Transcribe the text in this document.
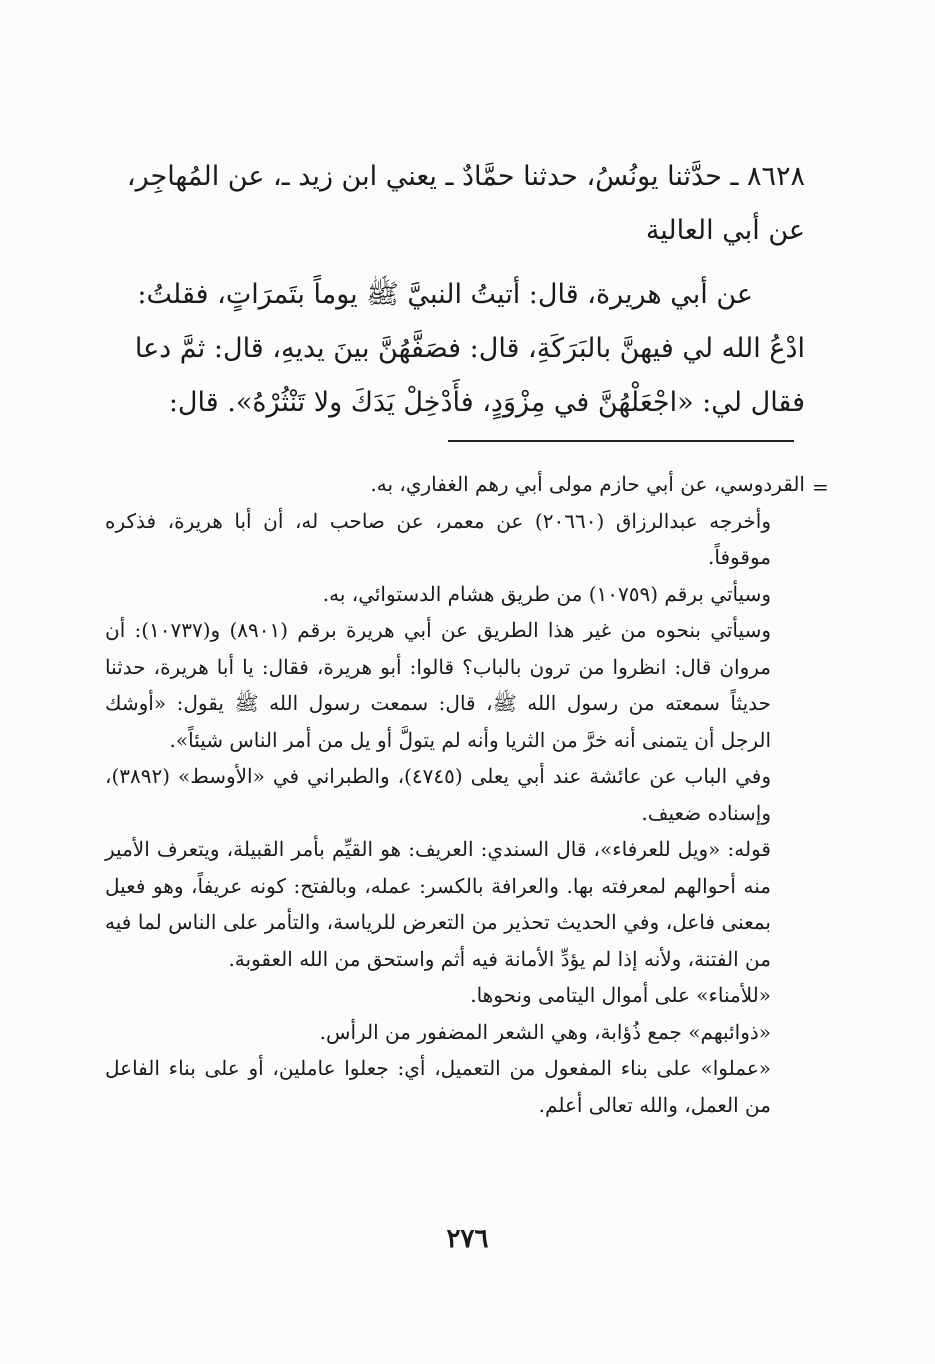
٨٦٢٨ ـ حدَّثنا يونُسُ، حدثنا حمَّادٌ ـ يعني ابن زيد ـ، عن المُهاجِر،

عن أبي العالية

عن أبي هريرة، قال: أتيتُ النبيَّ ﷺ يوماً بتَمرَاتٍ، فقلتُ:

ادْعُ الله لي فيهنَّ بالبَرَكَةِ، قال: فصَفَّهُنَّ بينَ يديهِ، قال: ثمَّ دعا

فقال لي: «اجْعَلْهُنَّ في مِزْوَدٍ، فأَدْخِلْ يَدَكَ ولا تَنْثُرْهُ». قال:

=

القردوسي، عن أبي حازم مولى أبي رهم الغفاري، به.

وأخرجه عبدالرزاق (٢٠٦٦٠) عن معمر، عن صاحب له، أن أبا هريرة، فذكره موقوفاً.

وسيأتي برقم (١٠٧٥٩) من طريق هشام الدستوائي، به.

وسيأتي بنحوه من غير هذا الطريق عن أبي هريرة برقم (٨٩٠١) و(١٠٧٣٧): أن مروان قال: انظروا من ترون بالباب؟ قالوا: أبو هريرة، فقال: يا أبا هريرة، حدثنا حديثاً سمعته من رسول الله ﷺ، قال: سمعت رسول الله ﷺ يقول: «أوشك الرجل أن يتمنى أنه خرَّ من الثريا وأنه لم يتولَّ أو يل من أمر الناس شيئاً».

وفي الباب عن عائشة عند أبي يعلى (٤٧٤٥)، والطبراني في «الأوسط» (٣٨٩٢)، وإسناده ضعيف.

قوله: «ويل للعرفاء»، قال السندي: العريف: هو القيِّم بأمر القبيلة، ويتعرف الأمير منه أحوالهم لمعرفته بها. والعرافة بالكسر: عمله، وبالفتح: كونه عريفاً، وهو فعيل بمعنى فاعل، وفي الحديث تحذير من التعرض للرياسة، والتأمر على الناس لما فيه من الفتنة، ولأنه إذا لم يؤدِّ الأمانة فيه أثم واستحق من الله العقوبة.

«للأمناء» على أموال اليتامى ونحوها.

«ذوائبهم» جمع ذُؤابة، وهي الشعر المضفور من الرأس.

«عملوا» على بناء المفعول من التعميل، أي: جعلوا عاملين، أو على بناء الفاعل من العمل، والله تعالى أعلم.

٢٧٦
